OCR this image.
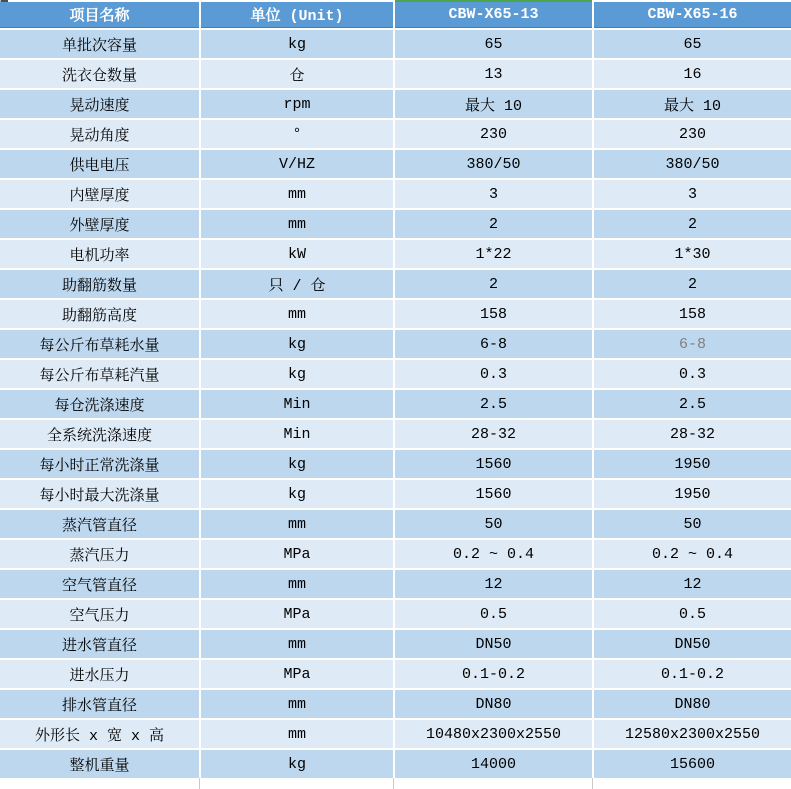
项目名称	单位 (Unit)	CBW-X65-13	CBW-X65-16
单批次容量	kg	65	65
洗衣仓数量	仓	13	16
晃动速度	rpm	最大 10	最大 10
晃动角度	°	230	230
供电电压	V/HZ	380/50	380/50
内壁厚度	mm	3	3
外壁厚度	mm	2	2
电机功率	kW	1*22	1*30
助翻筋数量	只 / 仓	2	2
助翻筋高度	mm	158	158
每公斤布草耗水量	kg	6-8	6-8
每公斤布草耗汽量	kg	0.3	0.3
每仓洗涤速度	Min	2.5	2.5
全系统洗涤速度	Min	28-32	28-32
每小时正常洗涤量	kg	1560	1950
每小时最大洗涤量	kg	1560	1950
蒸汽管直径	mm	50	50
蒸汽压力	MPa	0.2 ~ 0.4	0.2 ~ 0.4
空气管直径	mm	12	12
空气压力	MPa	0.5	0.5
进水管直径	mm	DN50	DN50
进水压力	MPa	0.1-0.2	0.1-0.2
排水管直径	mm	DN80	DN80
外形长 x 宽 x 高	mm	10480x2300x2550	12580x2300x2550
整机重量	kg	14000	15600
